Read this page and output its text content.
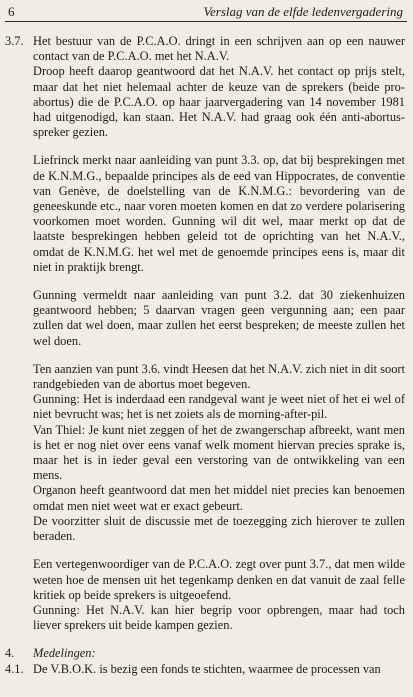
6	Verslag van de elfde ledenvergadering
3.7. Het bestuur van de P.C.A.O. dringt in een schrijven aan op een nauwer contact van de P.C.A.O. met het N.A.V.
Droop heeft daarop geantwoord dat het N.A.V. het contact op prijs stelt, maar dat het niet helemaal achter de keuze van de sprekers (beide pro-abortus) die de P.C.A.O. op haar jaarvergadering van 14 november 1981 had uitgenodigd, kan staan. Het N.A.V. had graag ook één anti-abortus-spreker gezien.
Liefrinck merkt naar aanleiding van punt 3.3. op, dat bij besprekingen met de K.N.M.G., bepaalde principes als de eed van Hippocrates, de conventie van Genève, de doelstelling van de K.N.M.G.: bevordering van de geneeskunde etc., naar voren moeten komen en dat zo verdere polarisering voorkomen moet worden. Gunning wil dit wel, maar merkt op dat de laatste besprekingen hebben geleid tot de oprichting van het N.A.V., omdat de K.N.M.G. het wel met de genoemde principes eens is, maar dit niet in praktijk brengt.
Gunning vermeldt naar aanleiding van punt 3.2. dat 30 ziekenhuizen geantwoord hebben; 5 daarvan vragen geen vergunning aan; een paar zullen dat wel doen, maar zullen het eerst bespreken; de meeste zullen het wel doen.
Ten aanzien van punt 3.6. vindt Heesen dat het N.A.V. zich niet in dit soort randgebieden van de abortus moet begeven.
Gunning: Het is inderdaad een randgeval want je weet niet of het ei wel of niet bevrucht was; het is net zoiets als de morning-after-pil.
Van Thiel: Je kunt niet zeggen of het de zwangerschap afbreekt, want men is het er nog niet over eens vanaf welk moment hiervan precies sprake is, maar het is in ieder geval een verstoring van de ontwikkeling van een mens.
Organon heeft geantwoord dat men het middel niet precies kan benoemen omdat men niet weet wat er exact gebeurt.
De voorzitter sluit de discussie met de toezegging zich hierover te zullen beraden.
Een vertegenwoordiger van de P.C.A.O. zegt over punt 3.7., dat men wilde weten hoe de mensen uit het tegenkamp denken en dat vanuit de zaal felle kritiek op beide sprekers is uitgeoefend.
Gunning: Het N.A.V. kan hier begrip voor opbrengen, maar had toch liever sprekers uit beide kampen gezien.
4.	Medelingen:
4.1. De V.B.O.K. is bezig een fonds te stichten, waarmee de processen van
